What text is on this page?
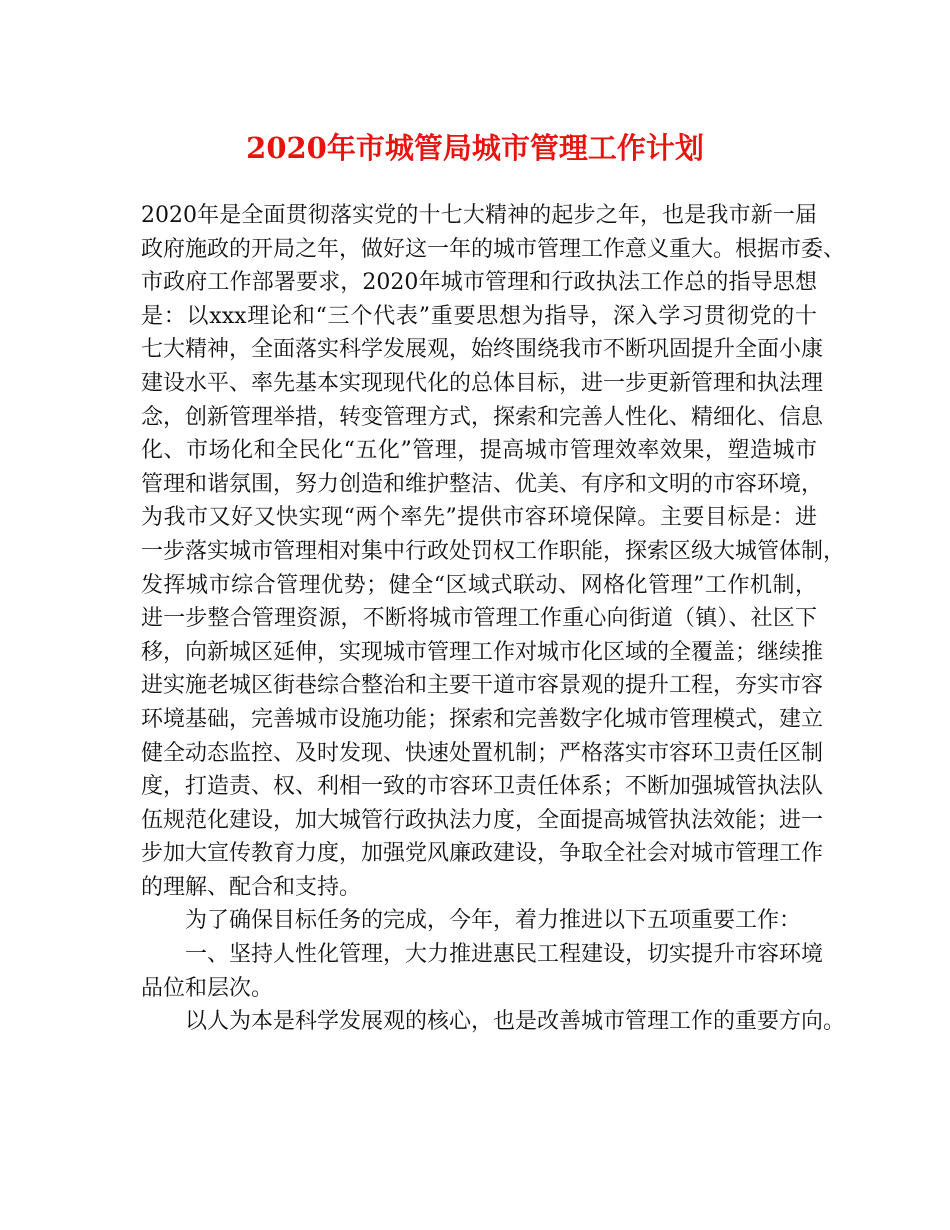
2020年市城管局城市管理工作计划
2020年是全面贯彻落实党的十七大精神的起步之年，也是我市新一届
政府施政的开局之年，做好这一年的城市管理工作意义重大。根据市委、
市政府工作部署要求，2020年城市管理和行政执法工作总的指导思想
是：以xxx理论和“三个代表”重要思想为指导，深入学习贯彻党的十
七大精神，全面落实科学发展观，始终围绕我市不断巩固提升全面小康
建设水平、率先基本实现现代化的总体目标，进一步更新管理和执法理
念，创新管理举措，转变管理方式，探索和完善人性化、精细化、信息
化、市场化和全民化“五化”管理，提高城市管理效率效果，塑造城市
管理和谐氛围，努力创造和维护整洁、优美、有序和文明的市容环境，
为我市又好又快实现“两个率先”提供市容环境保障。主要目标是：进
一步落实城市管理相对集中行政处罚权工作职能，探索区级大城管体制，
发挥城市综合管理优势；健全“区域式联动、网格化管理”工作机制，
进一步整合管理资源，不断将城市管理工作重心向街道（镇）、社区下
移，向新城区延伸，实现城市管理工作对城市化区域的全覆盖；继续推
进实施老城区街巷综合整治和主要干道市容景观的提升工程，夯实市容
环境基础，完善城市设施功能；探索和完善数字化城市管理模式，建立
健全动态监控、及时发现、快速处置机制；严格落实市容环卫责任区制
度，打造责、权、利相一致的市容环卫责任体系；不断加强城管执法队
伍规范化建设，加大城管行政执法力度，全面提高城管执法效能；进一
步加大宣传教育力度，加强党风廉政建设，争取全社会对城市管理工作
的理解、配合和支持。
为了确保目标任务的完成，今年，着力推进以下五项重要工作：
一、坚持人性化管理，大力推进惠民工程建设，切实提升市容环境
品位和层次。
以人为本是科学发展观的核心，也是改善城市管理工作的重要方向。
